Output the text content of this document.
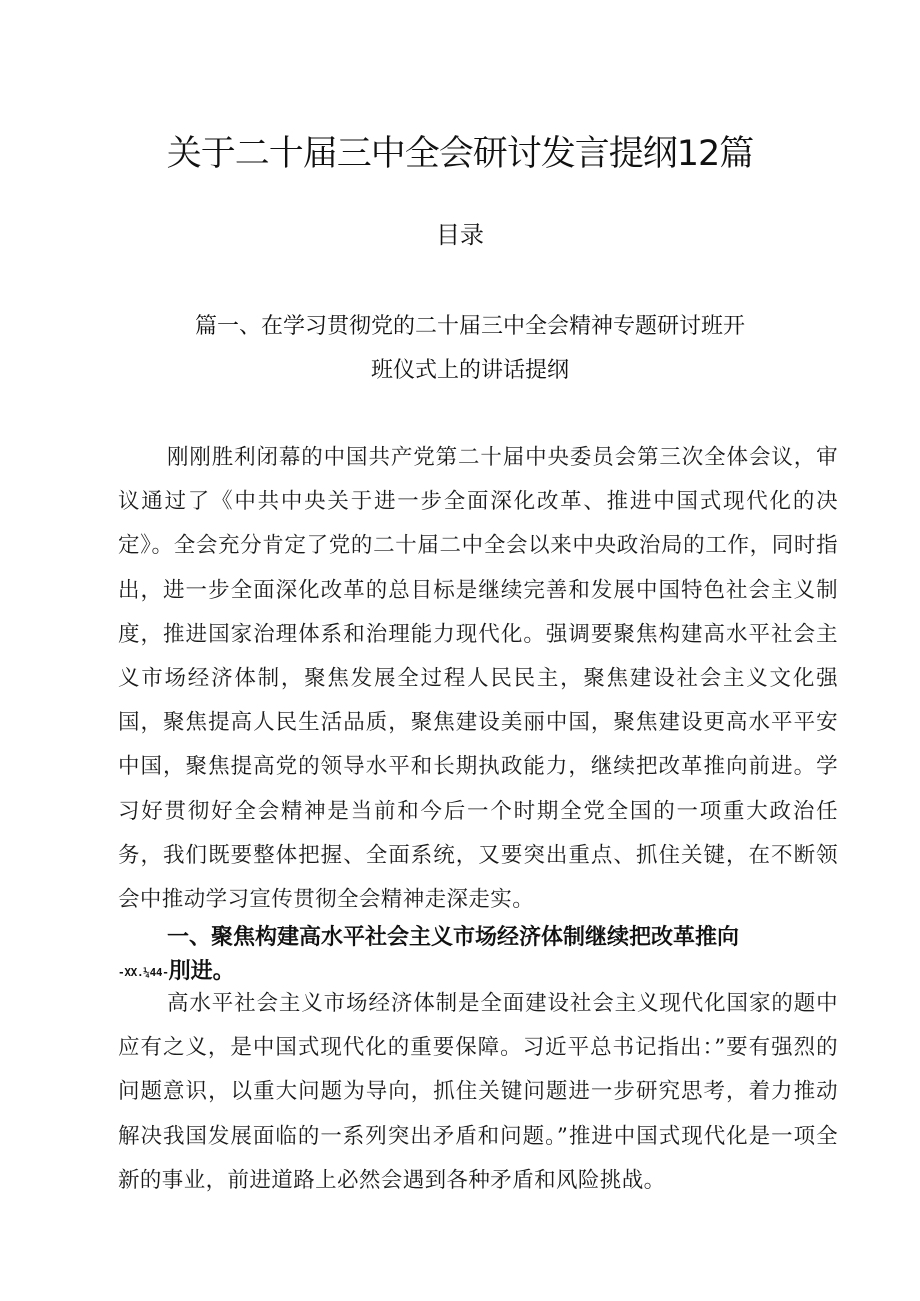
关于二十届三中全会研讨发言提纲12篇
目录
篇一、在学习贯彻党的二十届三中全会精神专题研讨班开
班仪式上的讲话提纲

刚刚胜利闭幕的中国共产党第二十届中央委员会第三次全体会议，审议通过了《中共中央关于进一步全面深化改革、推进中国式现代化的决定》。全会充分肯定了党的二十届二中全会以来中央政治局的工作，同时指出，进一步全面深化改革的总目标是继续完善和发展中国特色社会主义制度，推进国家治理体系和治理能力现代化。强调要聚焦构建高水平社会主义市场经济体制，聚焦发展全过程人民民主，聚焦建设社会主义文化强国，聚焦提高人民生活品质，聚焦建设美丽中国，聚焦建设更高水平平安中国，聚焦提高党的领导水平和长期执政能力，继续把改革推向前进。学习好贯彻好全会精神是当前和今后一个时期全党全国的一项重大政治任务，我们既要整体把握、全面系统，又要突出重点、抓住关键，在不断领会中推动学习宣传贯彻全会精神走深走实。

一、聚焦构建高水平社会主义市场经济体制继续把改革推向
-XX.¼44-刖进。

高水平社会主义市场经济体制是全面建设社会主义现代化国家的题中应有之义，是中国式现代化的重要保障。习近平总书记指出：”要有强烈的问题意识，以重大问题为导向，抓住关键问题进一步研究思考，着力推动解决我国发展面临的一系列突出矛盾和问题。”推进中国式现代化是一项全新的事业，前进道路上必然会遇到各种矛盾和风险挑战。
